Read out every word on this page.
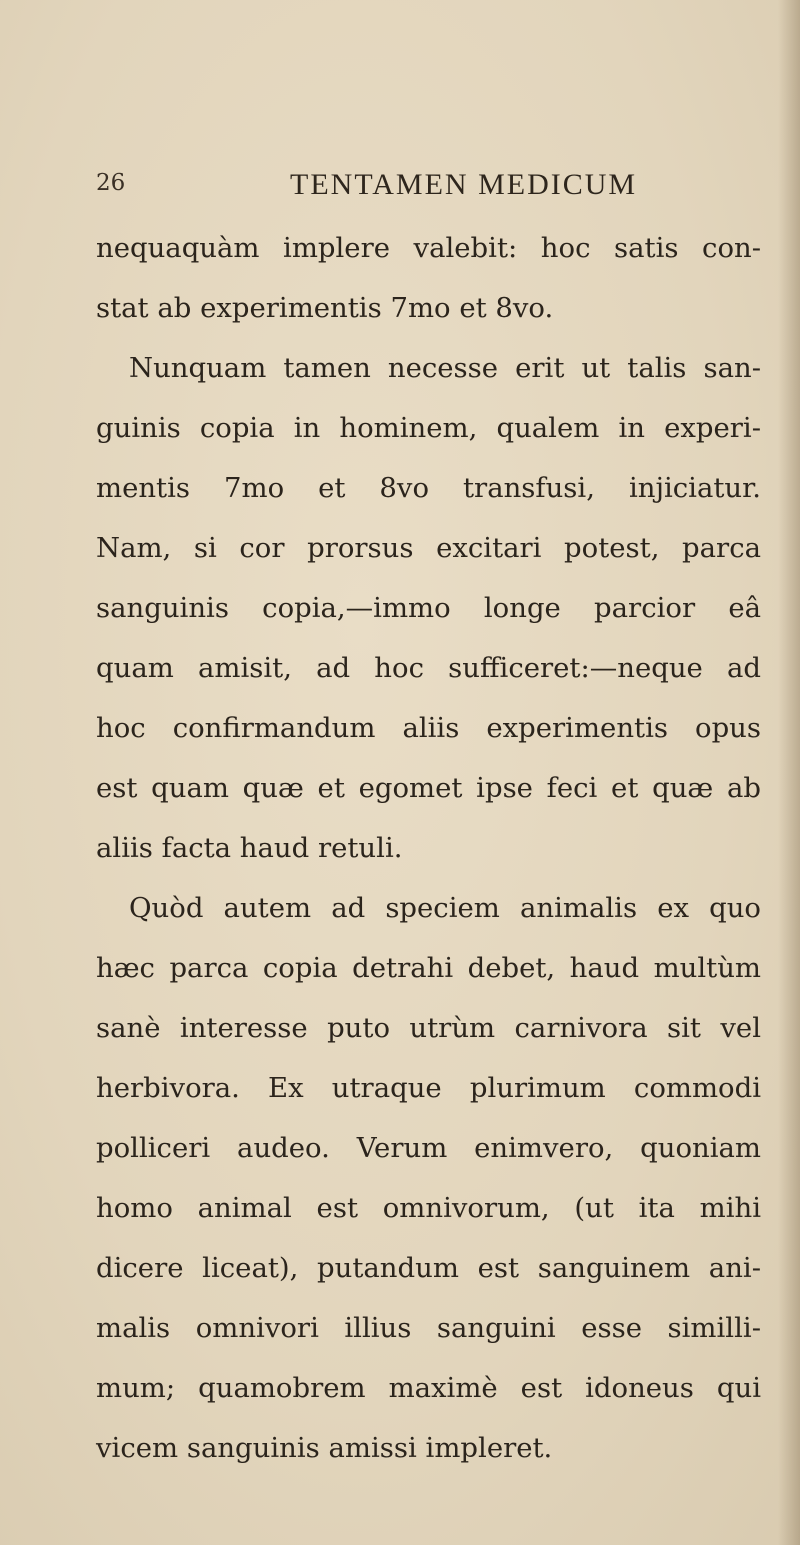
26	TENTAMEN MEDICUM
nequaquàm implere valebit: hoc satis con-
stat ab experimentis 7mo et 8vo.
Nunquam tamen necesse erit ut talis san-
guinis copia in hominem, qualem in experi-
mentis 7mo et 8vo transfusi, injiciatur.
Nam, si cor prorsus excitari potest, parca
sanguinis copia,—immo longe parcior eâ
quam amisit, ad hoc sufficeret:—neque ad
hoc confirmandum aliis experimentis opus
est quam quæ et egomet ipse feci et quæ ab
aliis facta haud retuli.
Quòd autem ad speciem animalis ex quo
hæc parca copia detrahi debet, haud multùm
sanè interesse puto utrùm carnivora sit vel
herbivora. Ex utraque plurimum commodi
polliceri audeo. Verum enimvero, quoniam
homo animal est omnivorum, (ut ita mihi
dicere liceat), putandum est sanguinem ani-
malis omnivori illius sanguini esse similli-
mum; quamobrem maximè est idoneus qui
vicem sanguinis amissi impleret.
